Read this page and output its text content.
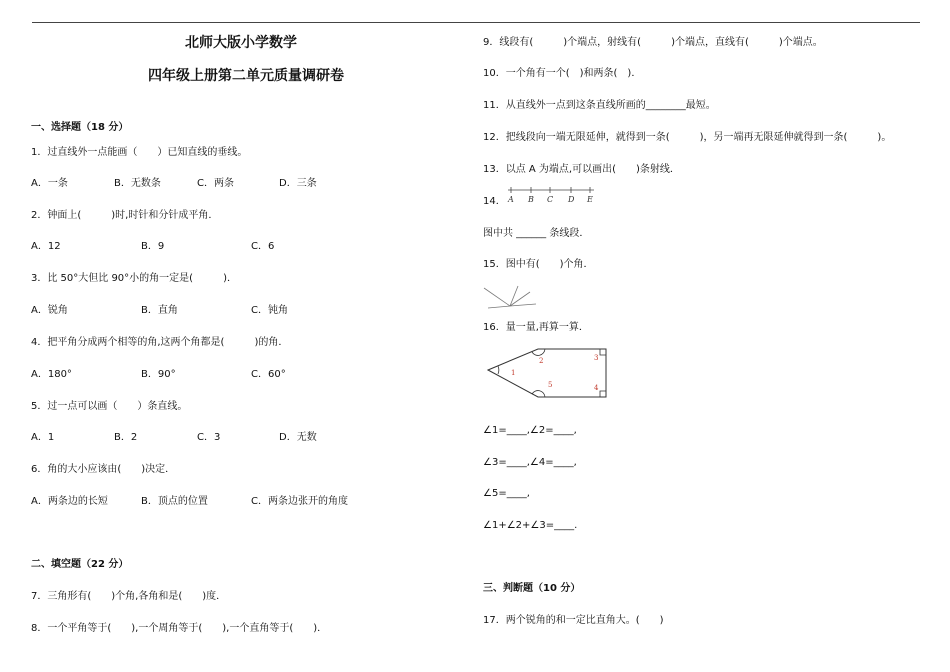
北师大版小学数学
四年级上册第二单元质量调研卷
一、选择题（18 分）
1．过直线外一点能画（　　）已知直线的垂线。
A．一条	B．无数条	C．两条	D．三条
2．钟面上(　　　)时,时针和分针成平角．
A．12	B．9	C．6
3．比 50°大但比 90°小的角一定是(　　　)．
A．锐角	B．直角	C．钝角
4．把平角分成两个相等的角,这两个角都是(　　　)的角．
A．180°	B．90°	C．60°
5．过一点可以画（　　）条直线。
A．1	B．2	C．3	D．无数
6．角的大小应该由(　　)决定．
A．两条边的长短	B．顶点的位置	C．两条边张开的角度
二、填空题（22 分）
7．三角形有(　　)个角,各角和是(　　)度．
8．一个平角等于(　　),一个周角等于(　　),一个直角等于(　　)．
9．线段有(　　　)个端点，射线有(　　　)个端点，直线有(　　　)个端点。
10．一个角有一个(　)和两条(　)．
11．从直线外一点到这条直线所画的________最短。
12．把线段向一端无限延伸，就得到一条(　　　)，另一端再无限延伸就得到一条(　　　)。
13．以点 A 为端点,可以画出(　　)条射线．
14． A B C D E
图中共 ______ 条线段．
15．图中有(　　)个角．
16．量一量,再算一算．
1
2	3
4
5
∠1=____,∠2=____,
∠3=____,∠4=____,
∠5=____,
∠1+∠2+∠3=____.
三、判断题（10 分）
17．两个锐角的和一定比直角大。(　　)
